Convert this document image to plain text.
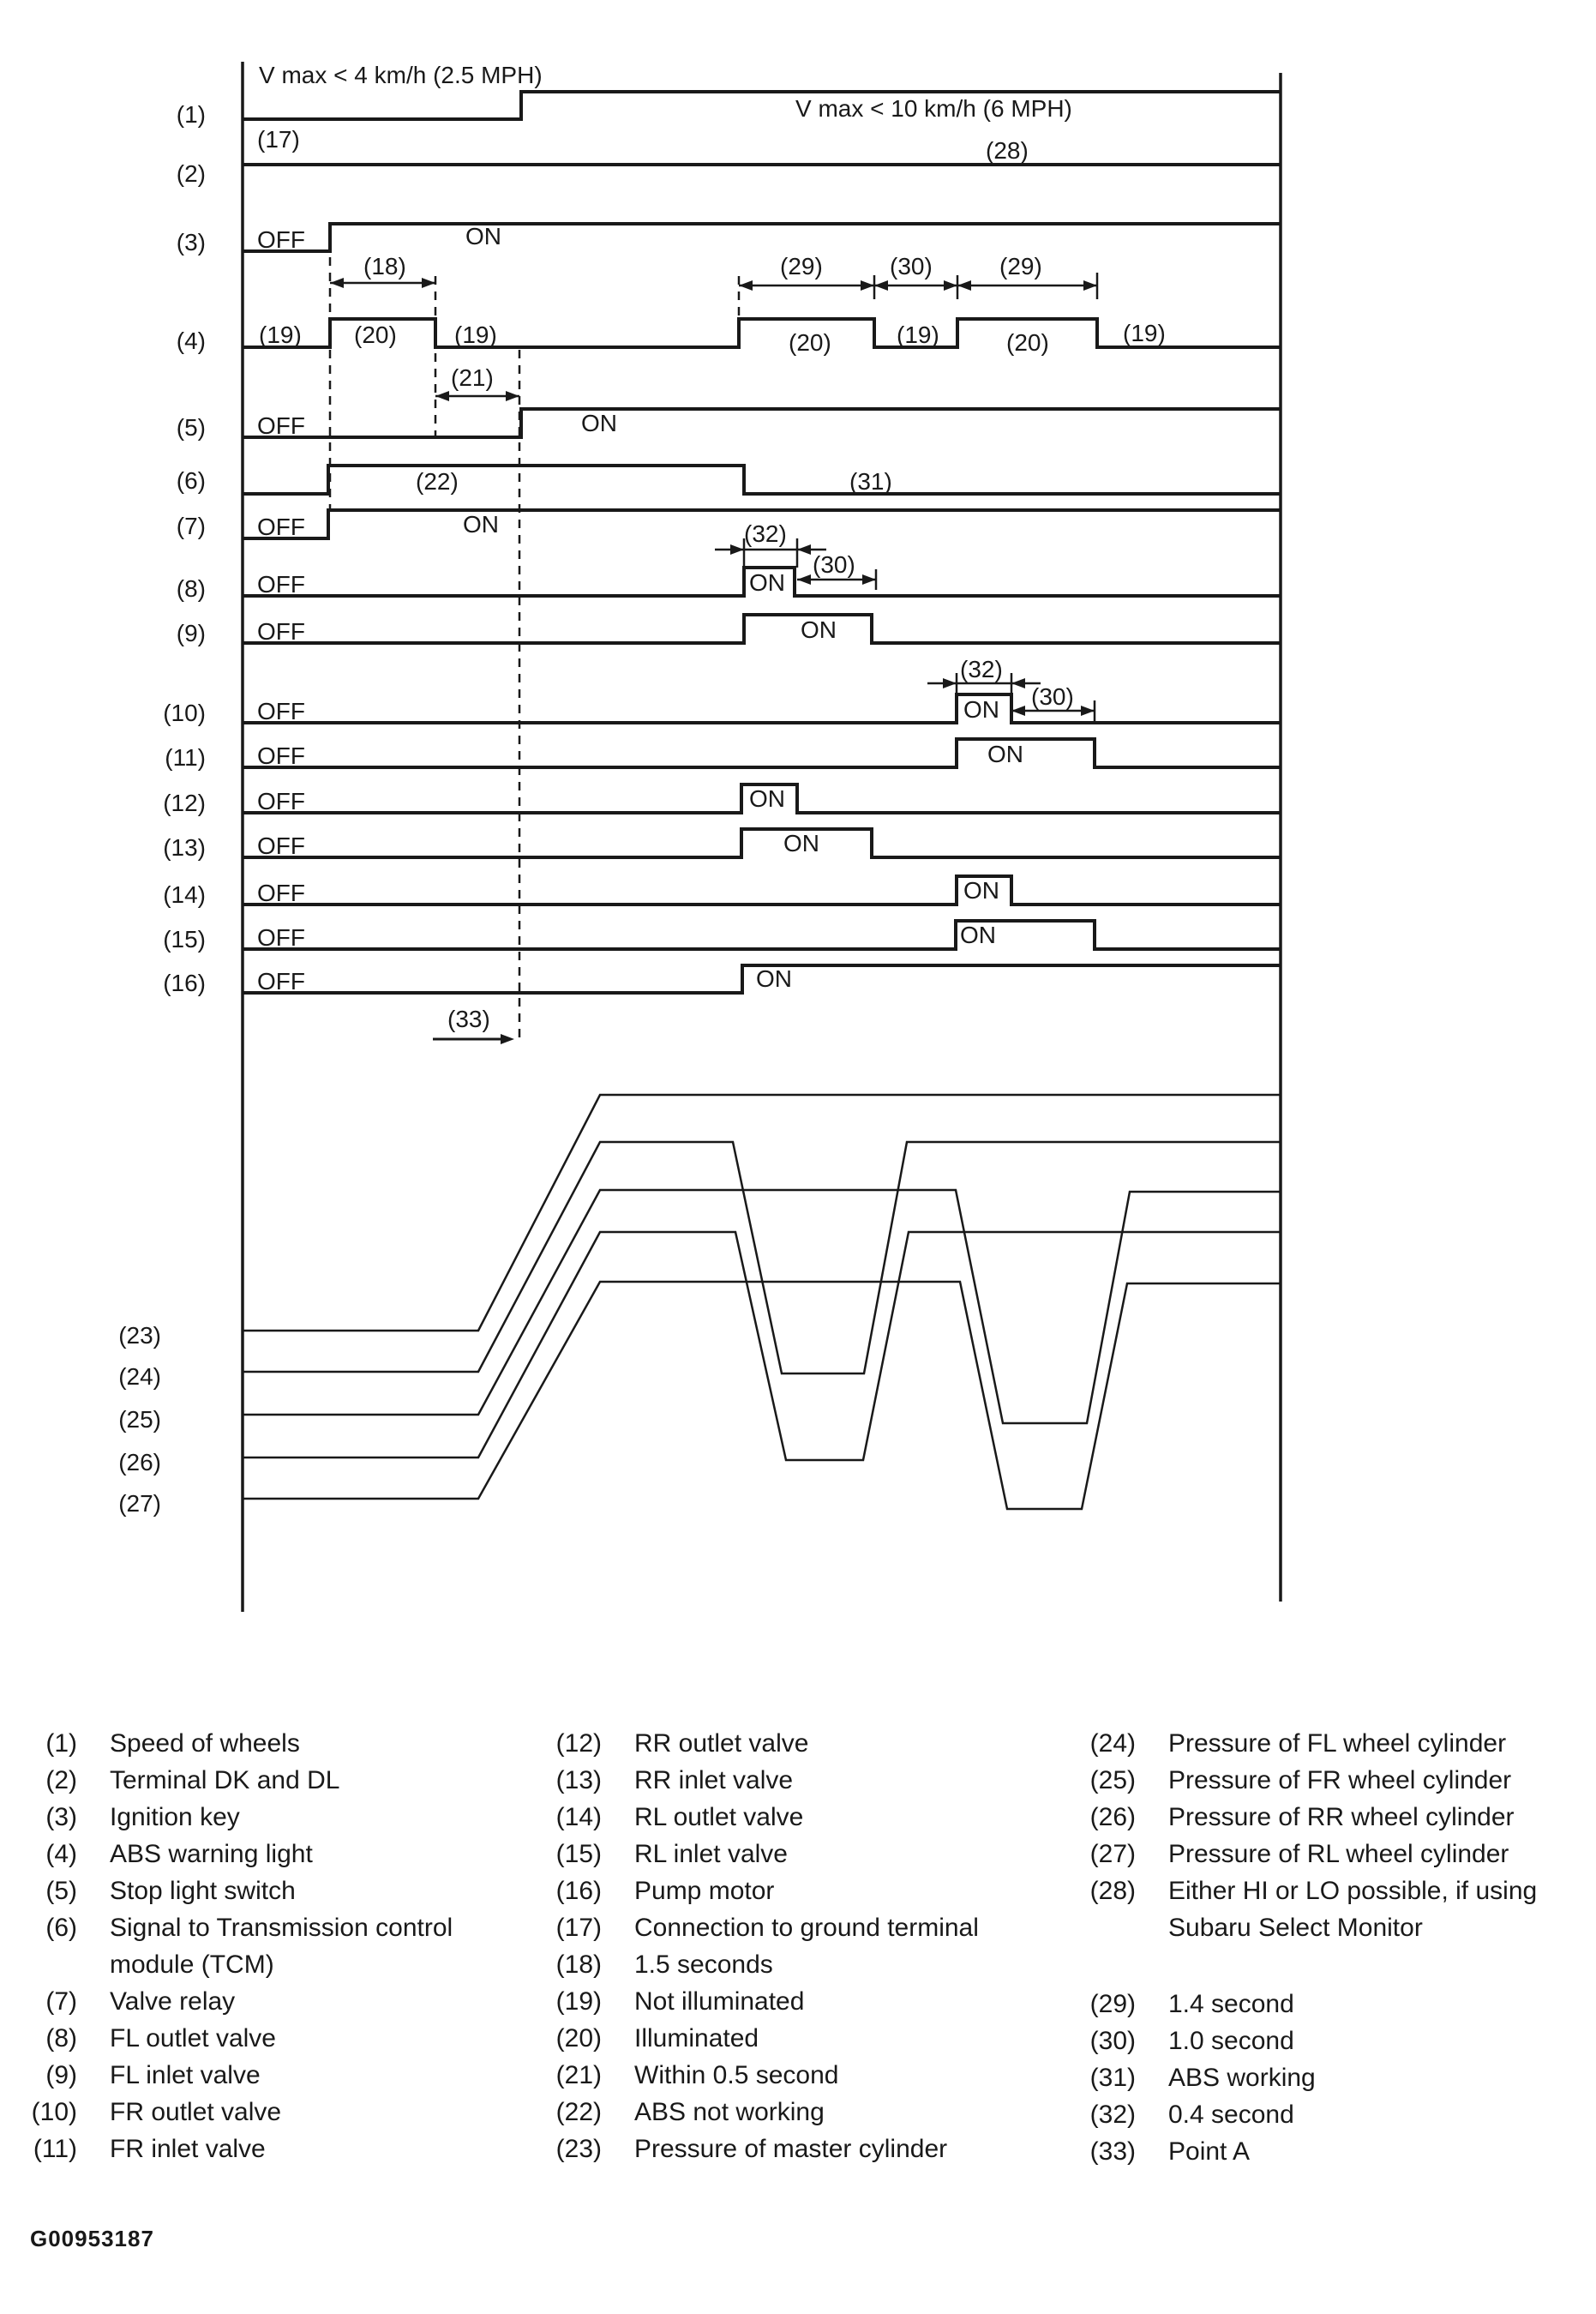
V max < 4 km/h (2.5 MPH)
V max < 10 km/h (6 MPH)
(17)	(28)
(1)
(2)
(3)
(4)
(5)
(6)
(7)
(8)
(9)
(10)
(11)
(12)
(13)
(14)
(15)
(16)
(23)
(24)
(25)
(26)
(27)
OFF	ON
OFF	ON
OFF	ON
OFF	ON
OFF	ON
OFF	ON
OFF	ON
OFF	ON
OFF	ON
OFF	ON
OFF	ON
OFF	ON
(19) (20) (19)	(20)	(19)	(20)	(19)
(18)	(29)	(30)	(29)
(21)
(22)	(31)
(32)
(30)
(32)
(30)
(33)
(1) Speed of wheels
(2) Terminal DK and DL
(3) Ignition key
(4) ABS warning light
(5) Stop light switch
(6) Signal to Transmission control module (TCM)
(7) Valve relay
(8) FL outlet valve
(9) FL inlet valve
(10) FR outlet valve
(11) FR inlet valve
(12) RR outlet valve
(13) RR inlet valve
(14) RL outlet valve
(15) RL inlet valve
(16) Pump motor
(17) Connection to ground terminal
(18) 1.5 seconds
(19) Not illuminated
(20) Illuminated
(21) Within 0.5 second
(22) ABS not working
(23) Pressure of master cylinder
(24) Pressure of FL wheel cylinder
(25) Pressure of FR wheel cylinder
(26) Pressure of RR wheel cylinder
(27) Pressure of RL wheel cylinder
(28) Either HI or LO possible, if using Subaru Select Monitor
(29) 1.4 second
(30) 1.0 second
(31) ABS working
(32) 0.4 second
(33) Point A
G00953187
